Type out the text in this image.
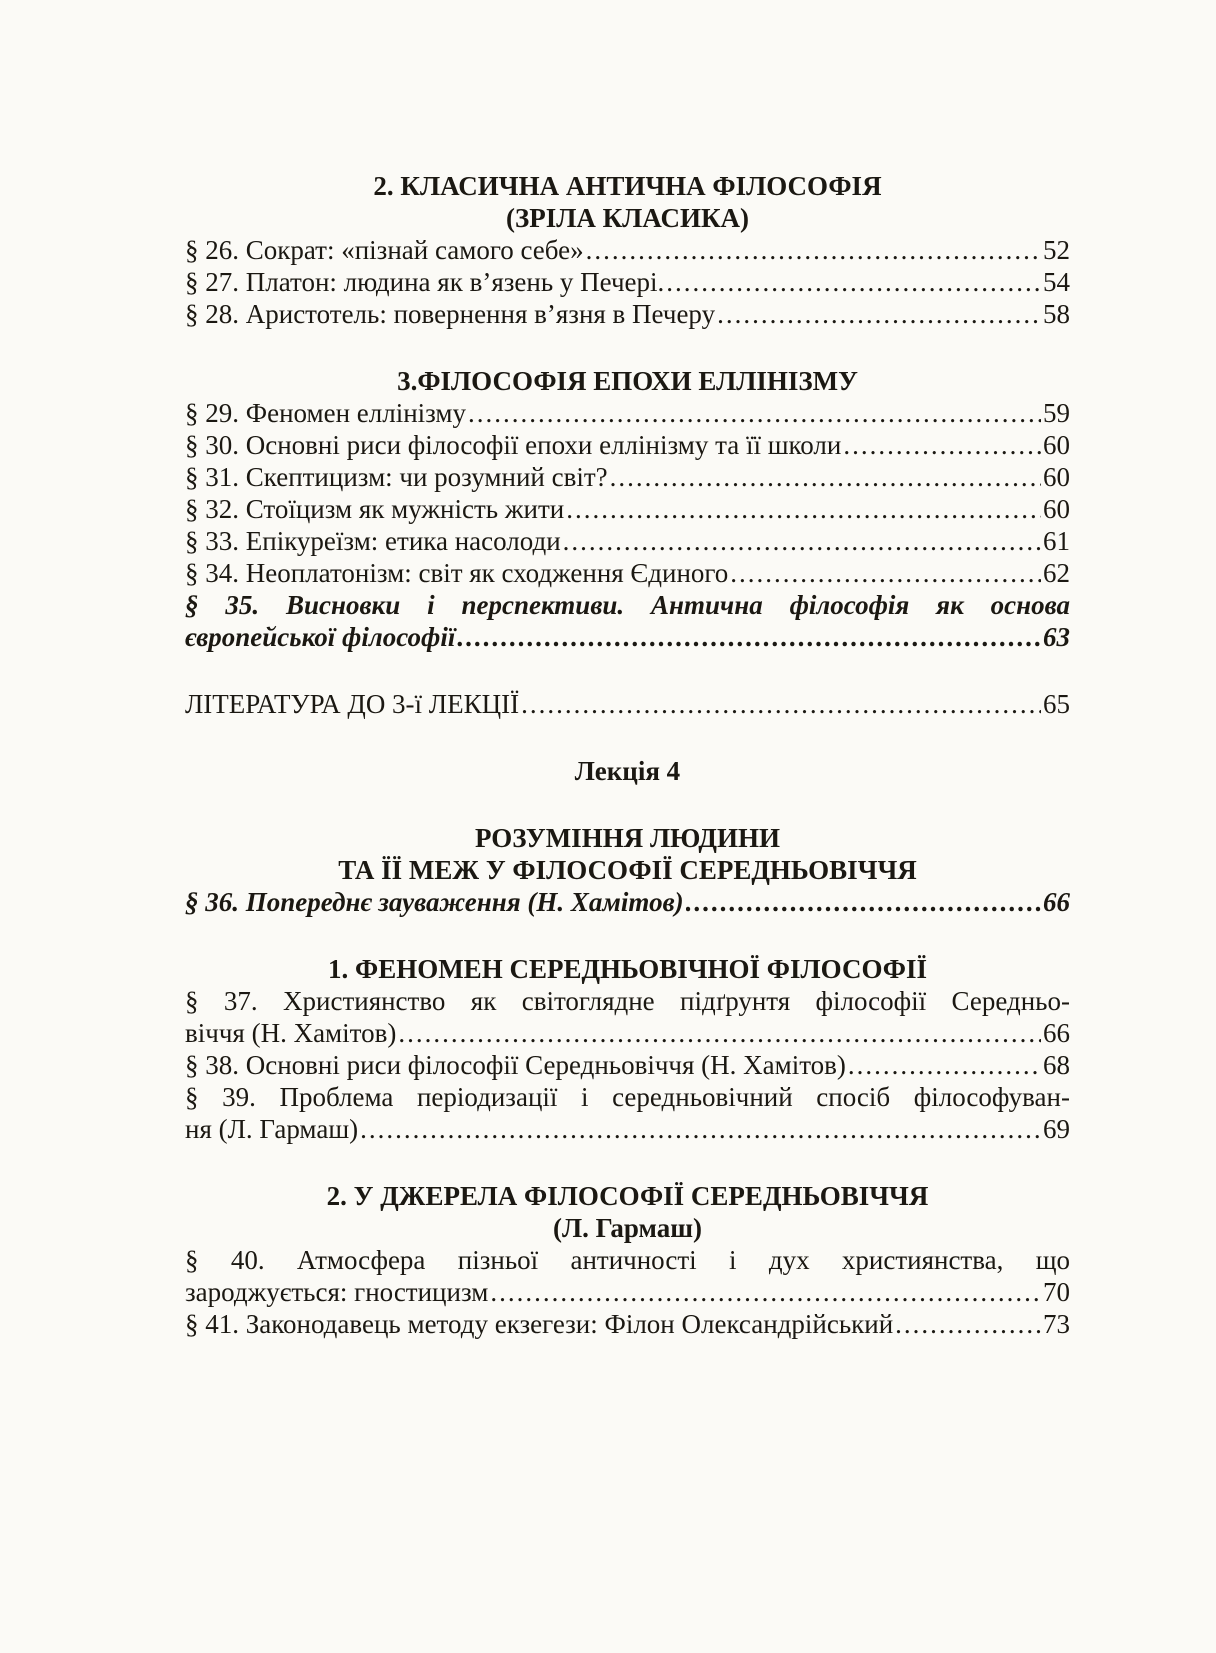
2. КЛАСИЧНА АНТИЧНА ФІЛОСОФІЯ
(ЗРІЛА КЛАСИКА)
§ 26. Сократ: «пізнай самого себе» .....	52
§ 27. Платон: людина як в’язень у Печері. .....	54
§ 28. Аристотель: повернення в’язня в Печеру .....	58
3.ФІЛОСОФІЯ ЕПОХИ ЕЛЛІНІЗМУ
§ 29. Феномен еллінізму .....	59
§ 30. Основні риси філософії епохи еллінізму та її школи .....	60
§ 31. Скептицизм: чи розумний світ? .....	60
§ 32. Стоїцизм як мужність жити .....	60
§ 33. Епікуреїзм: етика насолоди .....	61
§ 34. Неоплатонізм: світ як сходження Єдиного .....	62
§ 35. Висновки і перспективи. Антична філософія як основа
європейської філософії .....	63
ЛІТЕРАТУРА ДО 3-ї ЛЕКЦІЇ .....	65
Лекція 4
РОЗУМІННЯ ЛЮДИНИ
ТА ЇЇ МЕЖ У ФІЛОСОФІЇ СЕРЕДНЬОВІЧЧЯ
§ 36. Попереднє зауваження (Н. Хамітов) .....	66
1. ФЕНОМЕН СЕРЕДНЬОВІЧНОЇ ФІЛОСОФІЇ
§ 37. Християнство як світоглядне підґрунтя філософії Середньо-
віччя (Н. Хамітов) .....	66
§ 38. Основні риси філософії Середньовіччя (Н. Хамітов) .....	68
§ 39. Проблема періодизації і середньовічний спосіб філософуван-
ня (Л. Гармаш) .....	69
2. У ДЖЕРЕЛА ФІЛОСОФІЇ СЕРЕДНЬОВІЧЧЯ
(Л. Гармаш)
§ 40. Атмосфера пізньої античності і дух християнства, що
зароджується: гностицизм .....	70
§ 41. Законодавець методу екзегези: Філон Олександрійський .....	73
